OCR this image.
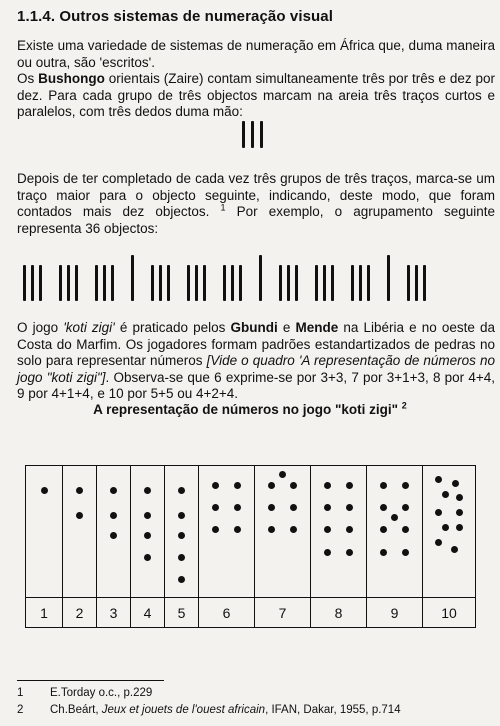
1.1.4. Outros sistemas de numeração visual

Existe uma variedade de sistemas de numeração em África que, duma maneira ou outra, são 'escritos'.
Os Bushongo orientais (Zaire) contam simultaneamente três por três e dez por dez. Para cada grupo de três objectos marcam na areia três traços curtos e paralelos, com três dedos duma mão:

Depois de ter completado de cada vez três grupos de três traços, marca-se um traço maior para o objecto seguinte, indicando, deste modo, que foram contados mais dez objectos. $^1$ Por exemplo, o agrupamento seguinte representa 36 objectos:

O jogo 'koti zigi' é praticado pelos Gbundi e Mende na Libéria e no oeste da Costa do Marfim. Os jogadores formam padrões estandartizados de pedras no solo para representar números [Vide o quadro 'A representação de números no jogo "koti zigi"]. Observa-se que 6 exprime-se por 3+3, 7 por 3+1+3, 8 por 4+4, 9 por 4+1+4, e 10 por 5+5 ou 4+2+4.

A representação de números no jogo "koti zigi" $^2$

1	2	3	4	5	6	7	8	9	10
1 E.Torday o.c., p.229
2 Ch.Beárt, Jeux et jouets de l'ouest africain, IFAN, Dakar, 1955, p.714
